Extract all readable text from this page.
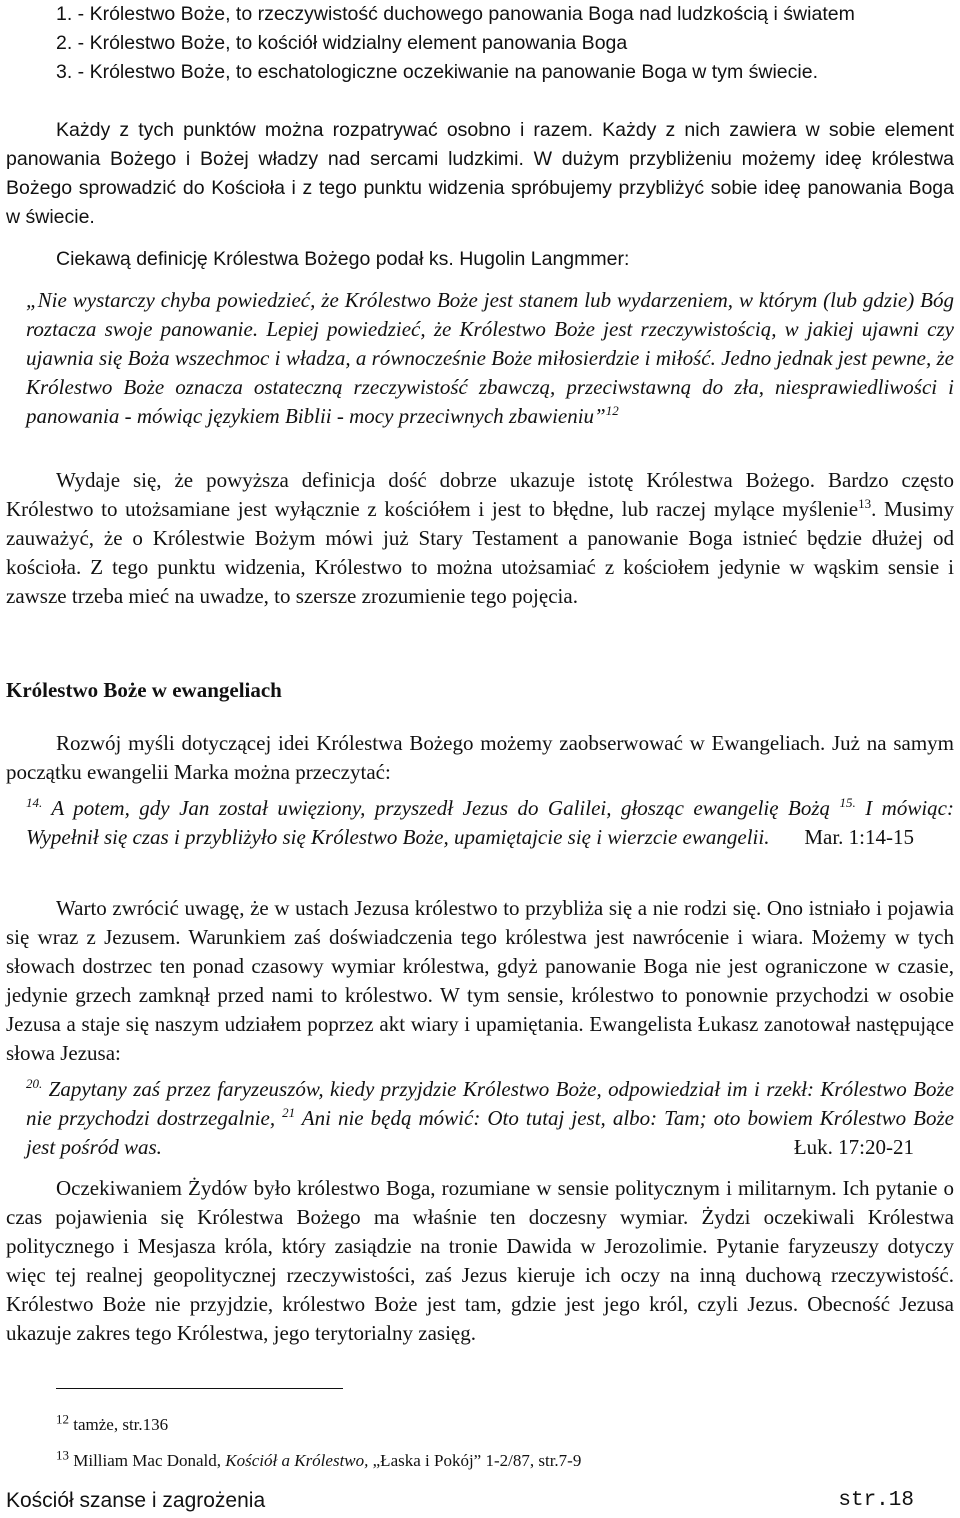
1. - Królestwo Boże, to rzeczywistość duchowego panowania Boga nad ludzkością i światem
2. - Królestwo Boże, to kościół widzialny element panowania Boga
3. - Królestwo Boże, to eschatologiczne oczekiwanie na panowanie Boga w tym świecie.

Każdy z tych punktów można rozpatrywać osobno i razem. Każdy z nich zawiera w sobie element panowania Bożego i Bożej władzy nad sercami ludzkimi. W dużym przybliżeniu możemy ideę królestwa Bożego sprowadzić do Kościoła i z tego punktu widzenia spróbujemy przybliżyć sobie ideę panowania Boga w świecie.

Ciekawą definicję Królestwa Bożego podał ks. Hugolin Langmmer:

„Nie wystarczy chyba powiedzieć, że Królestwo Boże jest stanem lub wydarzeniem, w którym (lub gdzie) Bóg roztacza swoje panowanie. Lepiej powiedzieć, że Królestwo Boże jest rzeczywistością, w jakiej ujawni czy ujawnia się Boża wszechmoc i władza, a równocześnie Boże miłosierdzie i miłość. Jedno jednak jest pewne, że Królestwo Boże oznacza ostateczną rzeczywistość zbawczą, przeciwstawną do zła, niesprawiedliwości i panowania - mówiąc językiem Biblii - mocy przeciwnych zbawieniu”$^{12}$

Wydaje się, że powyższa definicja dość dobrze ukazuje istotę Królestwa Bożego. Bardzo często Królestwo to utożsamiane jest wyłącznie z kościółem i jest to błędne, lub raczej mylące myślenie$^{13}$. Musimy zauważyć, że o Królestwie Bożym mówi już Stary Testament a panowanie Boga istnieć będzie dłużej od kościoła. Z tego punktu widzenia, Królestwo to można utożsamiać z kościołem jedynie w wąskim sensie i zawsze trzeba mieć na uwadze, to szersze zrozumienie tego pojęcia.

Królestwo Boże w ewangeliach

Rozwój myśli dotyczącej idei Królestwa Bożego możemy zaobserwować w Ewangeliach. Już na samym początku ewangelii Marka można przeczytać:

$^{14.}$ A potem, gdy Jan został uwięziony, przyszedł Jezus do Galilei, głosząc ewangelię Bożą $^{15.}$ I mówiąc: Wypełnił się czas i przybliżyło się Królestwo Boże, upamiętajcie się i wierzcie ewangelii. Mar. 1:14-15

Warto zwrócić uwagę, że w ustach Jezusa królestwo to przybliża się a nie rodzi się. Ono istniało i pojawia się wraz z Jezusem. Warunkiem zaś doświadczenia tego królestwa jest nawrócenie i wiara. Możemy w tych słowach dostrzec ten ponad czasowy wymiar królestwa, gdyż panowanie Boga nie jest ograniczone w czasie, jedynie grzech zamknął przed nami to królestwo. W tym sensie, królestwo to ponownie przychodzi w osobie Jezusa a staje się naszym udziałem poprzez akt wiary i upamiętania. Ewangelista Łukasz zanotował następujące słowa Jezusa:

$^{20.}$ Zapytany zaś przez faryzeuszów, kiedy przyjdzie Królestwo Boże, odpowiedział im i rzekł: Królestwo Boże nie przychodzi dostrzegalnie, $^{21}$ Ani nie będą mówić: Oto tutaj jest, albo: Tam; oto bowiem Królestwo Boże jest pośród was.	Łuk. 17:20-21

Oczekiwaniem Żydów było królestwo Boga, rozumiane w sensie politycznym i militarnym. Ich pytanie o czas pojawienia się Królestwa Bożego ma właśnie ten doczesny wymiar. Żydzi oczekiwali Królestwa politycznego i Mesjasza króla, który zasiądzie na tronie Dawida w Jerozolimie. Pytanie faryzeuszy dotyczy więc tej realnej geopolitycznej rzeczywistości, zaś Jezus kieruje ich oczy na inną duchową rzeczywistość. Królestwo Boże nie przyjdzie, królestwo Boże jest tam, gdzie jest jego król, czyli Jezus. Obecność Jezusa ukazuje zakres tego Królestwa, jego terytorialny zasięg.

$^{12}$ tamże, str.136
$^{13}$ Milliam Mac Donald, Kościół a Królestwo, „Łaska i Pokój” 1-2/87, str.7-9
Kościół szanse i zagrożenia	str.18
